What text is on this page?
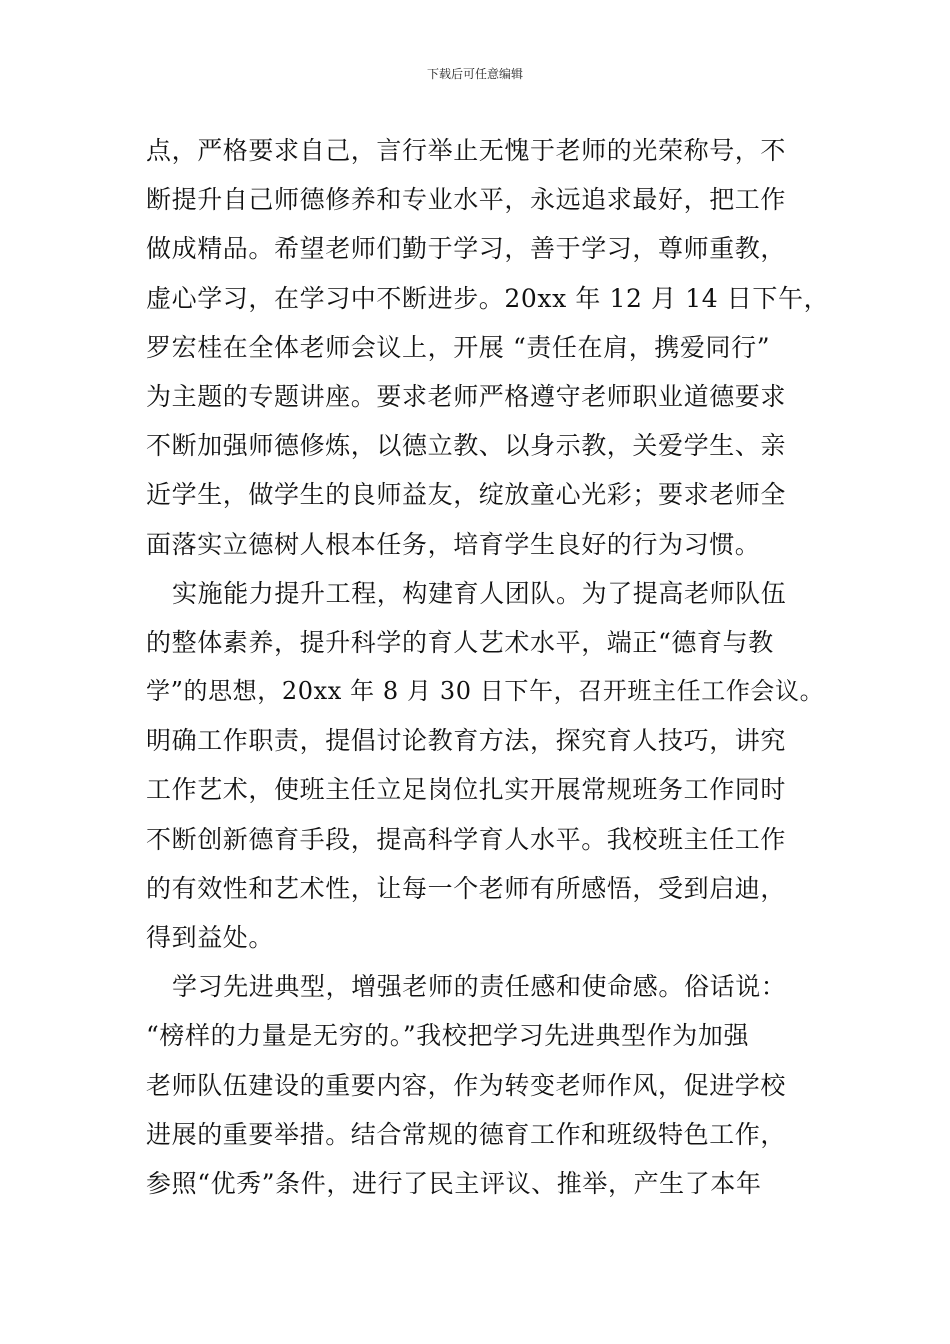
下载后可任意编辑
点，严格要求自己，言行举止无愧于老师的光荣称号，不
断提升自己师德修养和专业水平，永远追求最好，把工作
做成精品。希望老师们勤于学习，善于学习，尊师重教，
虚心学习，在学习中不断进步。20xx 年 12 月 14 日下午，
罗宏桂在全体老师会议上，开展 “责任在肩，携爱同行”
为主题的专题讲座。要求老师严格遵守老师职业道德要求
不断加强师德修炼，以德立教、以身示教，关爱学生、亲
近学生，做学生的良师益友，绽放童心光彩；要求老师全
面落实立德树人根本任务，培育学生良好的行为习惯。
实施能力提升工程，构建育人团队。为了提高老师队伍
的整体素养，提升科学的育人艺术水平，端正“德育与教
学”的思想，20xx 年 8 月 30 日下午，召开班主任工作会议。
明确工作职责，提倡讨论教育方法，探究育人技巧，讲究
工作艺术，使班主任立足岗位扎实开展常规班务工作同时
不断创新德育手段，提高科学育人水平。我校班主任工作
的有效性和艺术性，让每一个老师有所感悟，受到启迪，
得到益处。
学习先进典型，增强老师的责任感和使命感。俗话说：
“榜样的力量是无穷的。”我校把学习先进典型作为加强
老师队伍建设的重要内容，作为转变老师作风，促进学校
进展的重要举措。结合常规的德育工作和班级特色工作，
参照“优秀”条件，进行了民主评议、推举，产生了本年
